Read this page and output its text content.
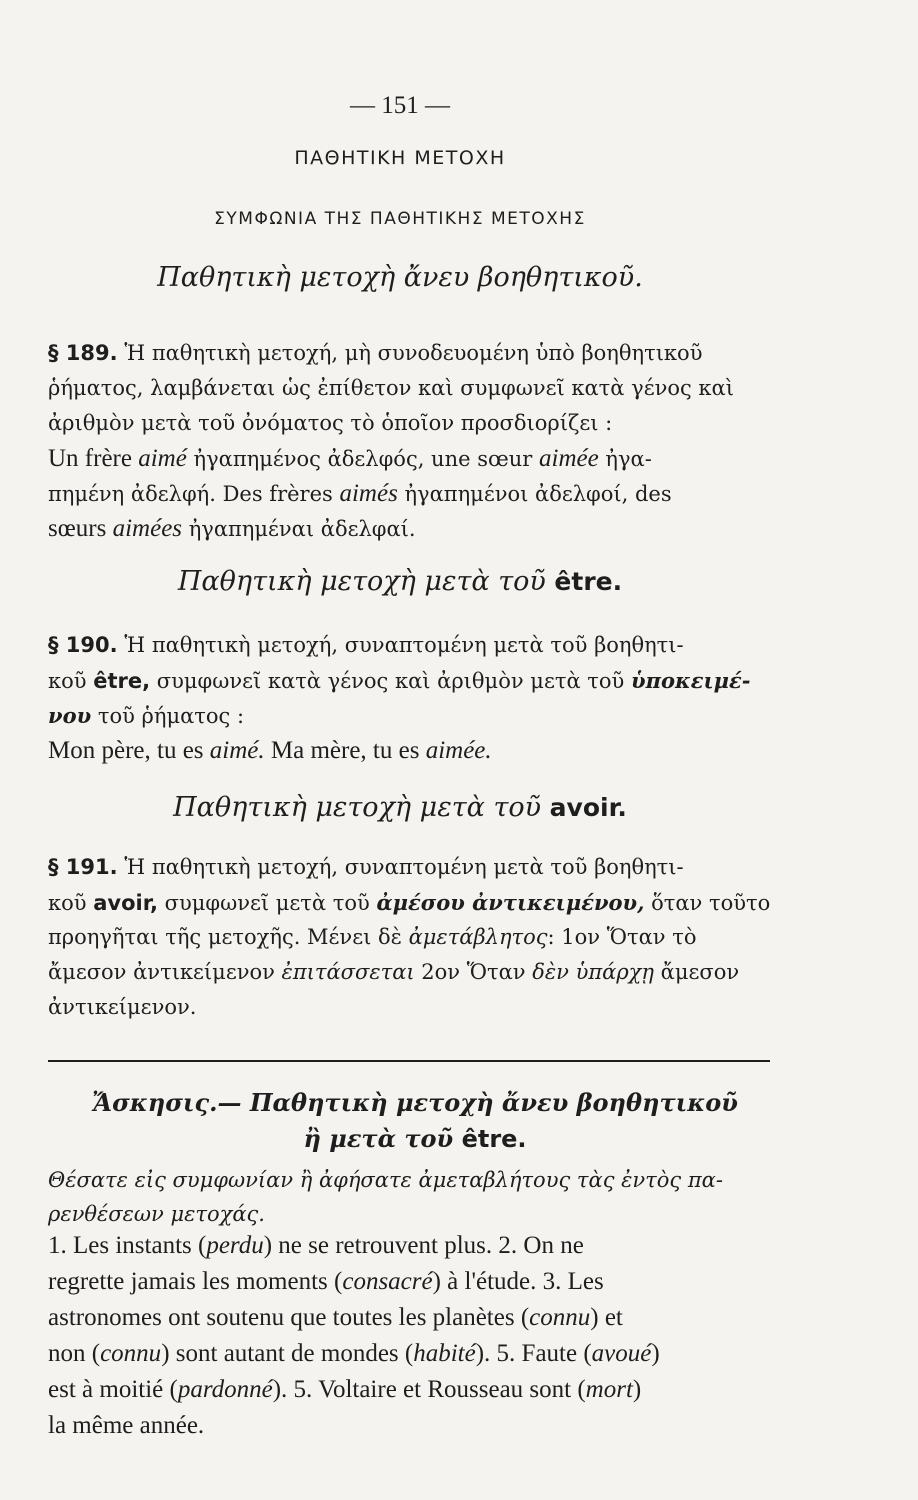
— 151 —
ΠΑΘΗΤΙΚΗ ΜΕΤΟΧΗ
ΣΥΜΦΩΝΙΑ ΤΗΣ ΠΑΘΗΤΙΚΗΣ ΜΕΤΟΧΗΣ
Παθητικὴ μετοχὴ ἄνευ βοηθητικοῦ.
§ 189. Ἡ παθητικὴ μετοχή, μὴ συνοδευομένη ὑπὸ βοηθητικοῦ
ῥήματος, λαμβάνεται ὡς ἐπίθετον καὶ συμφωνεῖ κατὰ γένος καὶ
ἀριθμὸν μετὰ τοῦ ὀνόματος τὸ ὁποῖον προσδιορίζει :
Un frère aimé ἠγαπημένος ἀδελφός, une sœur aimée ἠγα-
πημένη ἀδελφή. Des frères aimés ἠγαπημένοι ἀδελφοί, des
sœurs aimées ἠγαπημέναι ἀδελφαί.
Παθητικὴ μετοχὴ μετὰ τοῦ être.
§ 190. Ἡ παθητικὴ μετοχή, συναπτομένη μετὰ τοῦ βοηθητι-
κοῦ être, συμφωνεῖ κατὰ γένος καὶ ἀριθμὸν μετὰ τοῦ ὑποκειμέ-
νου τοῦ ῥήματος :
Mon père, tu es aimé. Ma mère, tu es aimée.
Παθητικὴ μετοχὴ μετὰ τοῦ avoir.
§ 191. Ἡ παθητικὴ μετοχή, συναπτομένη μετὰ τοῦ βοηθητι-
κοῦ avoir, συμφωνεῖ μετὰ τοῦ ἀμέσου ἀντικειμένου, ὅταν τοῦτο
προηγῆται τῆς μετοχῆς. Μένει δὲ ἀμετάβλητος: 1ον Ὅταν τὸ
ἄμεσον ἀντικείμενον ἐπιτάσσεται 2ον Ὅταν δὲν ὑπάρχῃ ἄμεσον
ἀντικείμενον.
Ἄσκησις.— Παθητικὴ μετοχὴ ἄνευ βοηθητικοῦ
ἢ μετὰ τοῦ être.
Θέσατε εἰς συμφωνίαν ἢ ἀφήσατε ἀμεταβλήτους τὰς ἐντὸς πα-
ρενθέσεων μετοχάς.
1. Les instants (perdu) ne se retrouvent plus. 2. On ne
regrette jamais les moments (consacré) à l'étude. 3. Les
astronomes ont soutenu que toutes les planètes (connu) et
non (connu) sont autant de mondes (habité). 5. Faute (avoué)
est à moitié (pardonné). 5. Voltaire et Rousseau sont (mort)
la même année.
